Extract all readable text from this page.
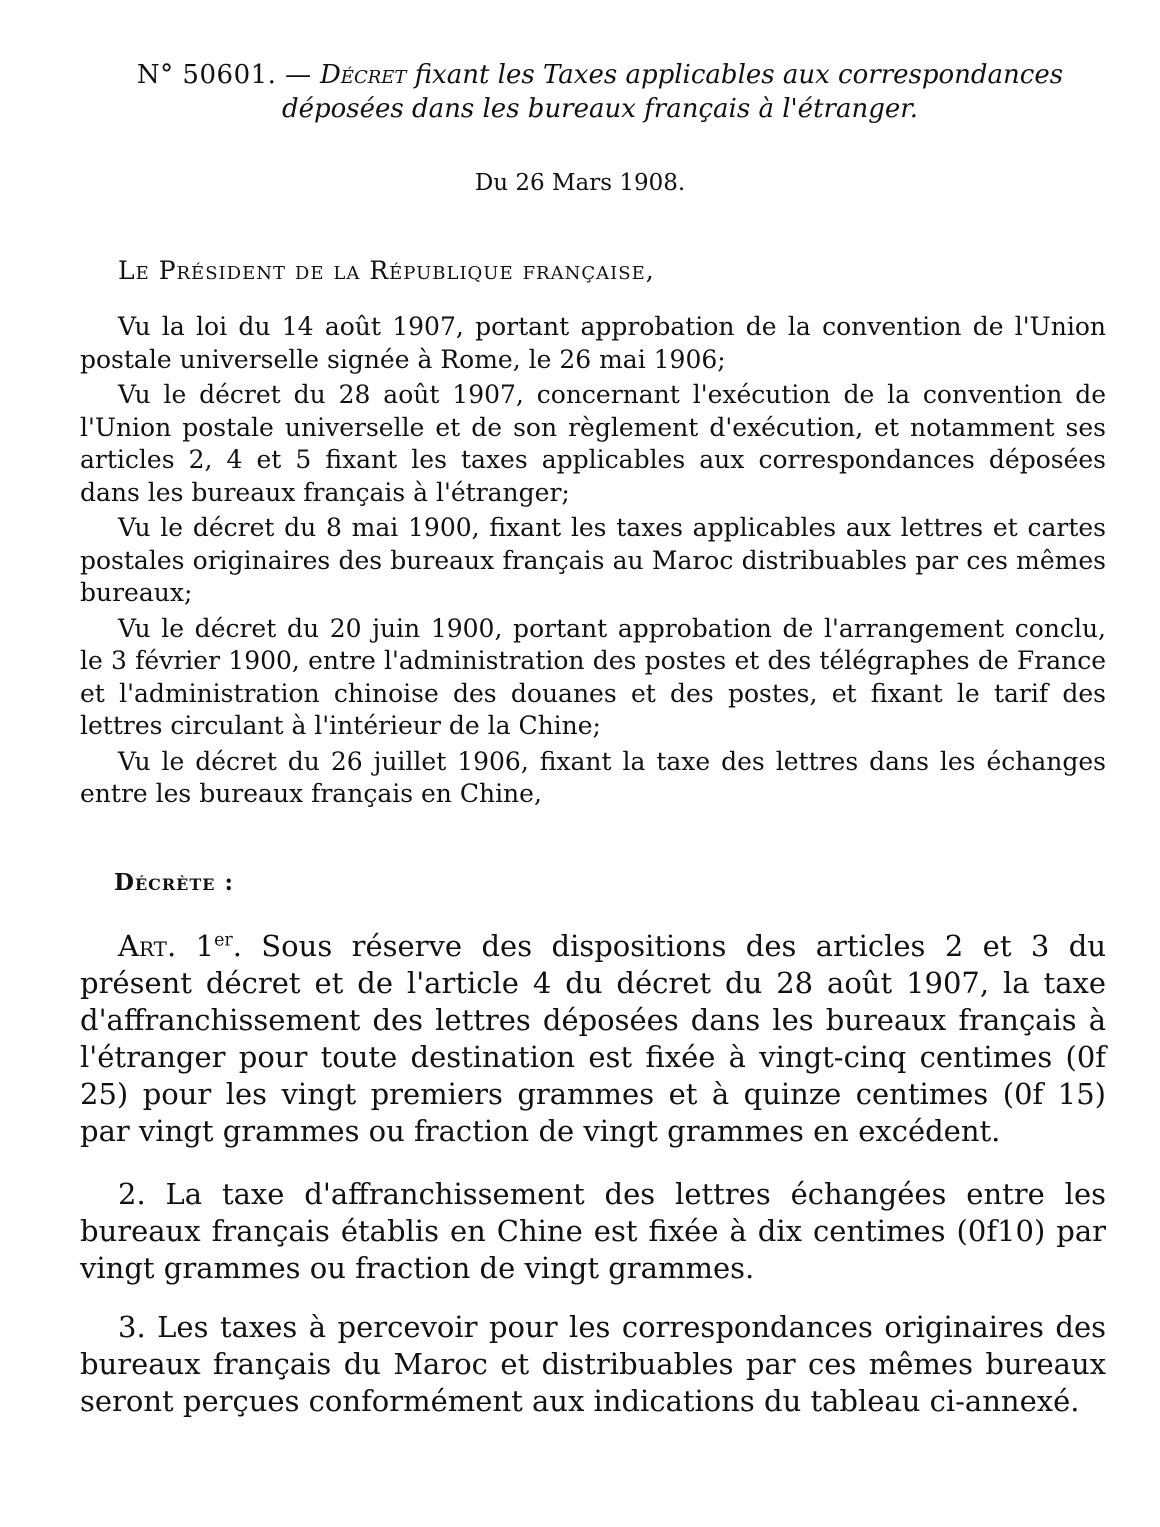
N° 50601. — Décret fixant les Taxes applicables aux correspondances
déposées dans les bureaux français à l'étranger.
Du 26 Mars 1908.
Le Président de la République française,

Vu la loi du 14 août 1907, portant approbation de la convention de l'Union postale universelle signée à Rome, le 26 mai 1906;

Vu le décret du 28 août 1907, concernant l'exécution de la convention de l'Union postale universelle et de son règlement d'exécution, et notamment ses articles 2, 4 et 5 fixant les taxes applicables aux correspondances déposées dans les bureaux français à l'étranger;

Vu le décret du 8 mai 1900, fixant les taxes applicables aux lettres et cartes postales originaires des bureaux français au Maroc distribuables par ces mêmes bureaux;

Vu le décret du 20 juin 1900, portant approbation de l'arrangement conclu, le 3 février 1900, entre l'administration des postes et des télégraphes de France et l'administration chinoise des douanes et des postes, et fixant le tarif des lettres circulant à l'intérieur de la Chine;

Vu le décret du 26 juillet 1906, fixant la taxe des lettres dans les échanges entre les bureaux français en Chine,

Décrète :

Art. 1er. Sous réserve des dispositions des articles 2 et 3 du présent décret et de l'article 4 du décret du 28 août 1907, la taxe d'affranchissement des lettres déposées dans les bureaux français à l'étranger pour toute destination est fixée à vingt-cinq centimes (0f 25) pour les vingt premiers grammes et à quinze centimes (0f 15) par vingt grammes ou fraction de vingt grammes en excédent.

2. La taxe d'affranchissement des lettres échangées entre les bureaux français établis en Chine est fixée à dix centimes (0f10) par vingt grammes ou fraction de vingt grammes.

3. Les taxes à percevoir pour les correspondances originaires des bureaux français du Maroc et distribuables par ces mêmes bureaux seront perçues conformément aux indications du tableau ci-annexé.
